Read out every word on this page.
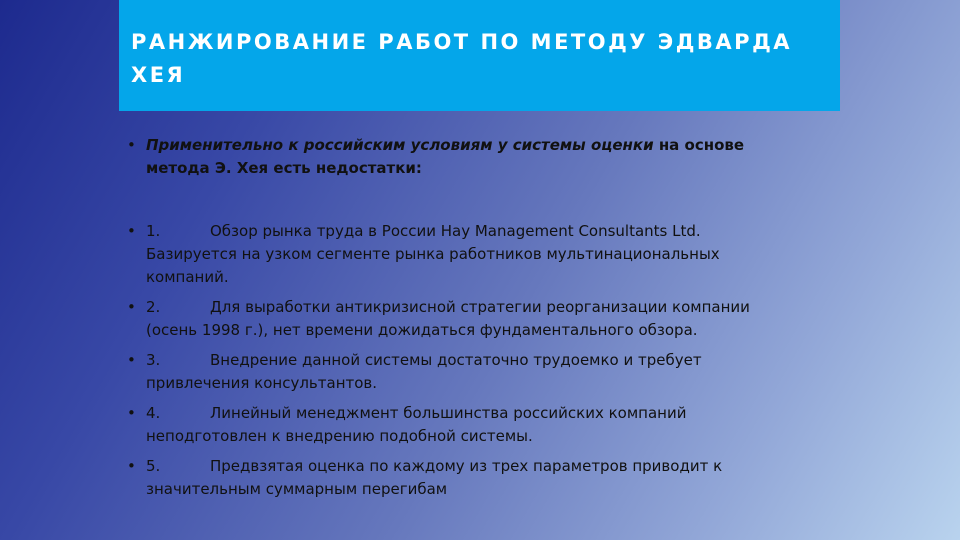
РАНЖИРОВАНИЕ РАБОТ ПО МЕТОДУ ЭДВАРДА ХЕЯ
• Применительно к российским условиям у системы оценки на основе метода Э. Хея есть недостатки:
• 1.	Обзор рынка труда в России Hay Management Consultants Ltd. Базируется на узком сегменте рынка работников мультинациональных компаний.
• 2.	Для выработки антикризисной стратегии реорганизации компании (осень 1998 г.), нет времени дожидаться фундаментального обзора.
• 3.	Внедрение данной системы достаточно трудоемко и требует привлечения консультантов.
• 4.	Линейный менеджмент большинства российских компаний неподготовлен к внедрению подобной системы.
• 5.	Предвзятая оценка по каждому из трех параметров приводит к значительным суммарным перегибам
